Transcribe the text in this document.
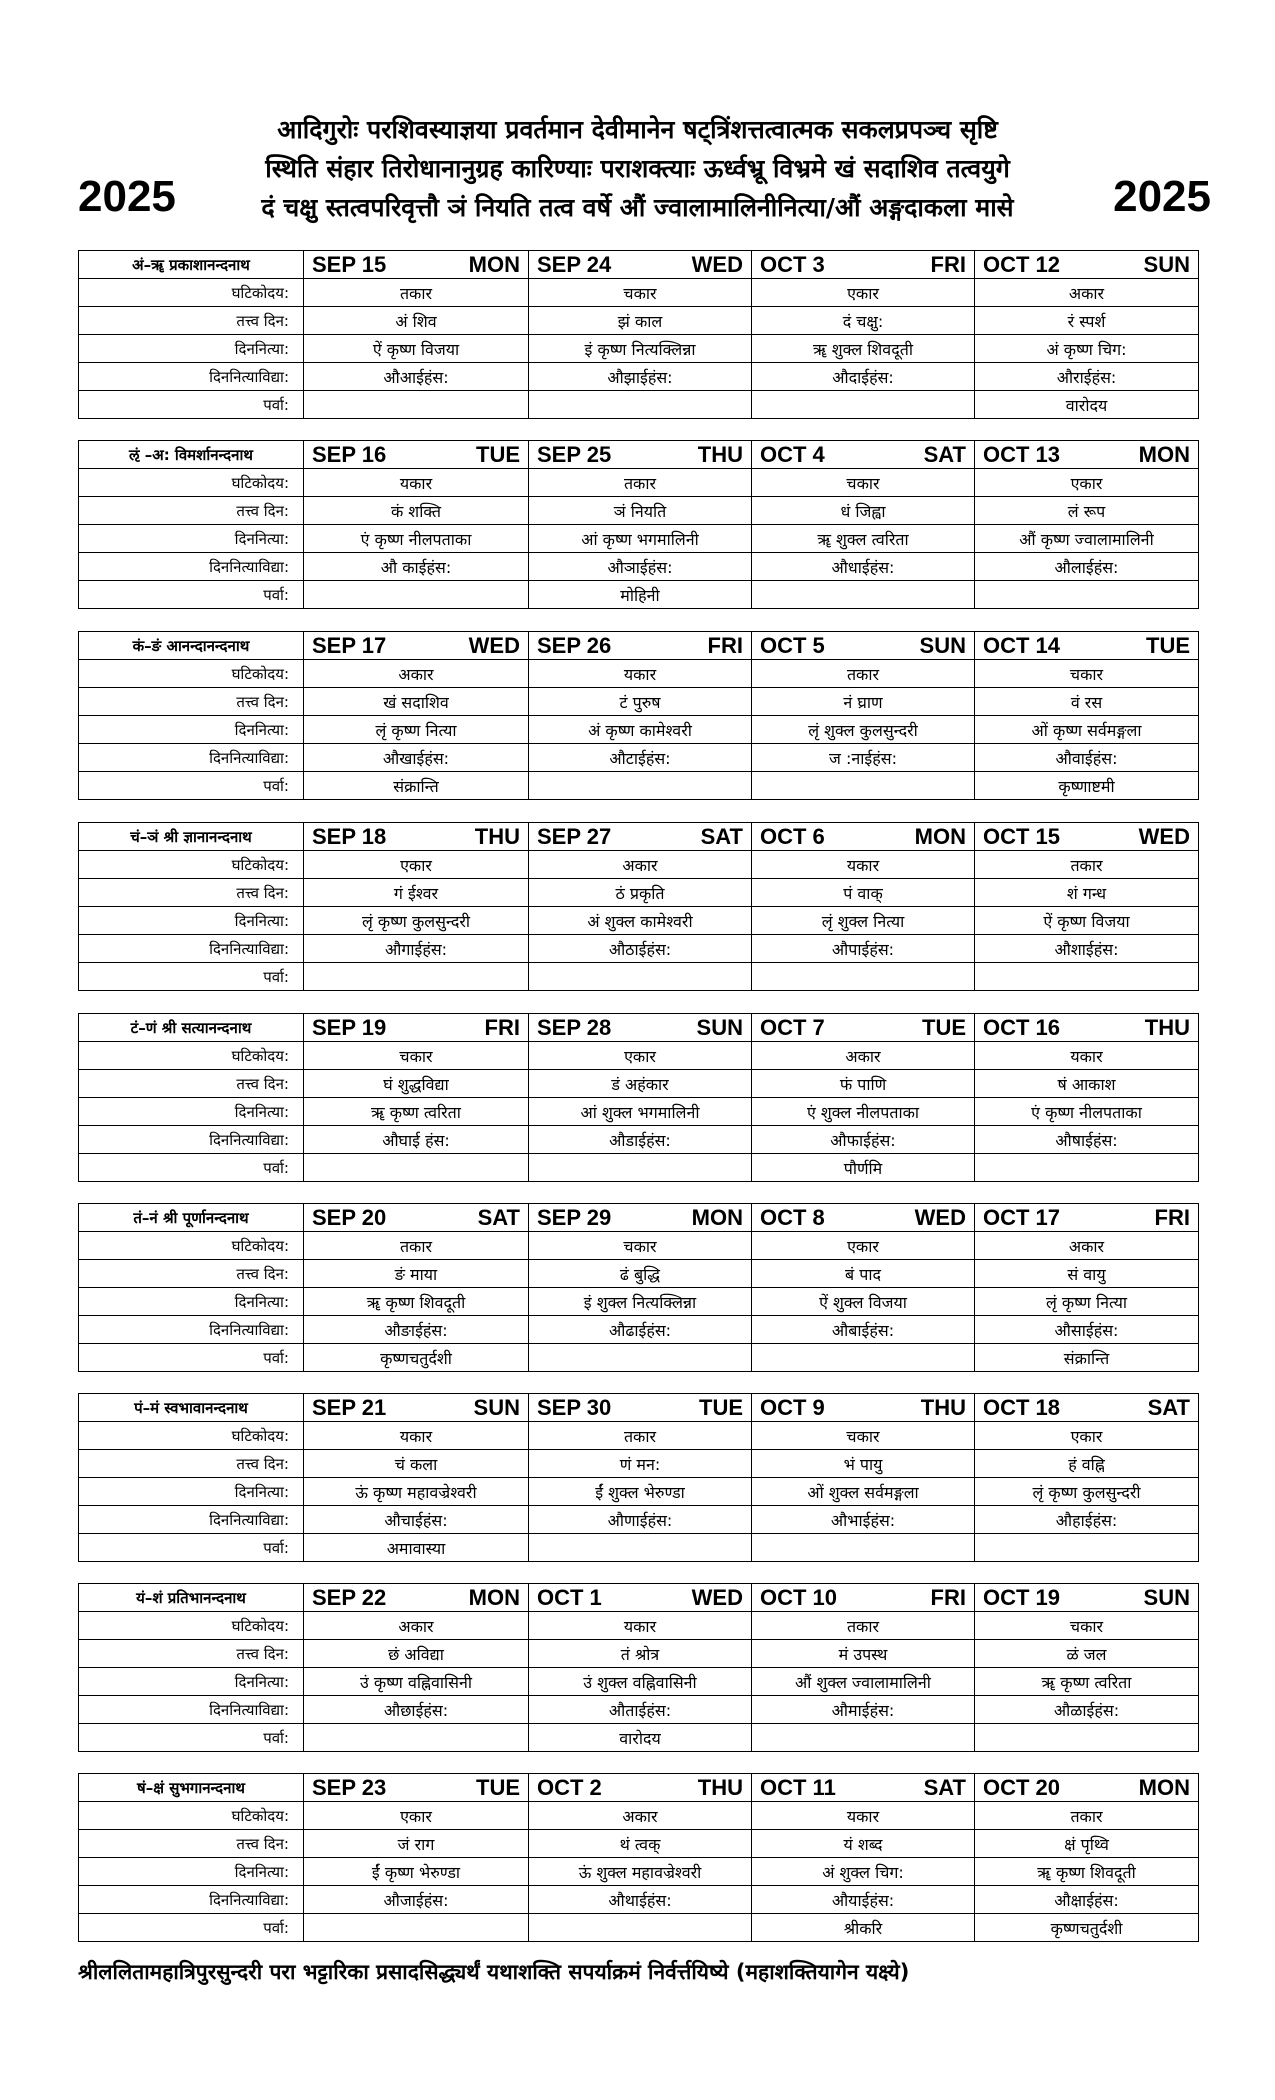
2025	2025
आदिगुरोः परशिवस्याज्ञया प्रवर्तमान देवीमानेन षट्‌त्रिंशत्तत्वात्मक सकलप्रपञ्च सृष्टि
स्थिति संहार तिरोधानानुग्रह कारिण्याः पराशक्त्याः ऊर्ध्वभ्रू विभ्रमे खं सदाशिव तत्वयुगे
दं चक्षु स्तत्वपरिवृत्तौ ञं नियति तत्व वर्षे औं ज्वालामालिनीनित्या/औं अङ्गदाकला मासे
अं–ॠ प्रकाशानन्दनाथ	SEP 15 MON	SEP 24 WED	OCT 3 FRI	OCT 12 SUN

घटिकोदय:	तकार	चकार	एकार	अकार
तत्त्व दिन:	अं शिव	झं काल	दं चक्षु:	रं स्पर्श
दिननित्या:	ऐं कृष्ण विजया	इं कृष्ण नित्यक्लिन्ना	ॠ शुक्ल शिवदूती	अं कृष्ण चिग:
दिननित्याविद्या:	औआईहंस:	औझाईहंस:	औदाईहंस:	औराईहंस:
पर्वा:				वारोदय
ऌं –अ: विमर्शानन्दनाथ	SEP 16 TUE	SEP 25 THU	OCT 4 SAT	OCT 13 MON

घटिकोदय:	यकार	तकार	चकार	एकार
तत्त्व दिन:	कं शक्ति	ञं नियति	धं जिह्वा	लं रूप
दिननित्या:	एं कृष्ण नीलपताका	आं कृष्ण भगमालिनी	ॠ शुक्ल त्वरिता	औं कृष्ण ज्वालामालिनी
दिननित्याविद्या:	औ काईहंस:	औञाईहंस:	औधाईहंस:	औलाईहंस:
पर्वा:		मोहिनी		
कं–ङं आनन्दानन्दनाथ	SEP 17 WED	SEP 26 FRI	OCT 5 SUN	OCT 14 TUE

घटिकोदय:	अकार	यकार	तकार	चकार
तत्त्व दिन:	खं सदाशिव	टं पुरुष	नं घ्राण	वं रस
दिननित्या:	लृं कृष्ण नित्या	अं कृष्ण कामेश्वरी	लृं शुक्ल कुलसुन्दरी	ओं कृष्ण सर्वमङ्गला
दिननित्याविद्या:	औखाईहंस:	औटाईहंस:	ज :नाईहंस:	औवाईहंस:
पर्वा:	संक्रान्ति			कृष्णाष्टमी
चं–ञं श्री ज्ञानानन्दनाथ	SEP 18 THU	SEP 27 SAT	OCT 6 MON	OCT 15 WED

घटिकोदय:	एकार	अकार	यकार	तकार
तत्त्व दिन:	गं ईश्वर	ठं प्रकृति	पं वाक्	शं गन्ध
दिननित्या:	लृं कृष्ण कुलसुन्दरी	अं शुक्ल कामेश्वरी	लृं शुक्ल नित्या	ऐं कृष्ण विजया
दिननित्याविद्या:	औगाईहंस:	औठाईहंस:	औपाईहंस:	औशाईहंस:
पर्वा:				
टं–णं श्री सत्यानन्दनाथ	SEP 19 FRI	SEP 28 SUN	OCT 7 TUE	OCT 16 THU

घटिकोदय:	चकार	एकार	अकार	यकार
तत्त्व दिन:	घं शुद्धविद्या	डं अहंकार	फं पाणि	षं आकाश
दिननित्या:	ॠ कृष्ण त्वरिता	आं शुक्ल भगमालिनी	एं शुक्ल नीलपताका	एं कृष्ण नीलपताका
दिननित्याविद्या:	औघाई हंस:	औडाईहंस:	औफाईहंस:	औषाईहंस:
पर्वा:			पौर्णमि	
तं–नं श्री पूर्णानन्दनाथ	SEP 20 SAT	SEP 29 MON	OCT 8 WED	OCT 17 FRI

घटिकोदय:	तकार	चकार	एकार	अकार
तत्त्व दिन:	ङं माया	ढं बुद्धि	बं पाद	सं वायु
दिननित्या:	ॠ कृष्ण शिवदूती	इं शुक्ल नित्यक्लिन्ना	ऐं शुक्ल विजया	लृं कृष्ण नित्या
दिननित्याविद्या:	औङाईहंस:	औढाईहंस:	औबाईहंस:	औसाईहंस:
पर्वा:	कृष्णचतुर्दशी			संक्रान्ति
पं–मं स्वभावानन्दनाथ	SEP 21 SUN	SEP 30 TUE	OCT 9 THU	OCT 18 SAT

घटिकोदय:	यकार	तकार	चकार	एकार
तत्त्व दिन:	चं कला	णं मन:	भं पायु	हं वह्नि
दिननित्या:	ऊं कृष्ण महावज्रेश्वरी	ईं शुक्ल भेरुण्डा	ओं शुक्ल सर्वमङ्गला	लृं कृष्ण कुलसुन्दरी
दिननित्याविद्या:	औचाईहंस:	औणाईहंस:	औभाईहंस:	औहाईहंस:
पर्वा:	अमावास्या			
यं–शं प्रतिभानन्दनाथ	SEP 22 MON	OCT 1 WED	OCT 10 FRI	OCT 19 SUN

घटिकोदय:	अकार	यकार	तकार	चकार
तत्त्व दिन:	छं अविद्या	तं श्रोत्र	मं उपस्थ	ळं जल
दिननित्या:	उं कृष्ण वह्निवासिनी	उं शुक्ल वह्निवासिनी	औं शुक्ल ज्वालामालिनी	ॠ कृष्ण त्वरिता
दिननित्याविद्या:	औछाईहंस:	औताईहंस:	औमाईहंस:	औळाईहंस:
पर्वा:		वारोदय		
षं–क्षं सुभगानन्दनाथ	SEP 23 TUE	OCT 2 THU	OCT 11 SAT	OCT 20 MON

घटिकोदय:	एकार	अकार	यकार	तकार
तत्त्व दिन:	जं राग	थं त्वक्	यं शब्द	क्षं पृथ्वि
दिननित्या:	ईं कृष्ण भेरुण्डा	ऊं शुक्ल महावज्रेश्वरी	अं शुक्ल चिग:	ॠ कृष्ण शिवदूती
दिननित्याविद्या:	औजाईहंस:	औथाईहंस:	औयाईहंस:	औक्षाईहंस:
पर्वा:			श्रीकरि	कृष्णचतुर्दशी
श्रीललितामहात्रिपुरसुन्दरी परा भट्टारिका प्रसादसिद्ध्यर्थं यथाशक्ति सपर्याक्रमं निर्वर्त्तयिष्ये (महाशक्तियागेन यक्ष्ये)
